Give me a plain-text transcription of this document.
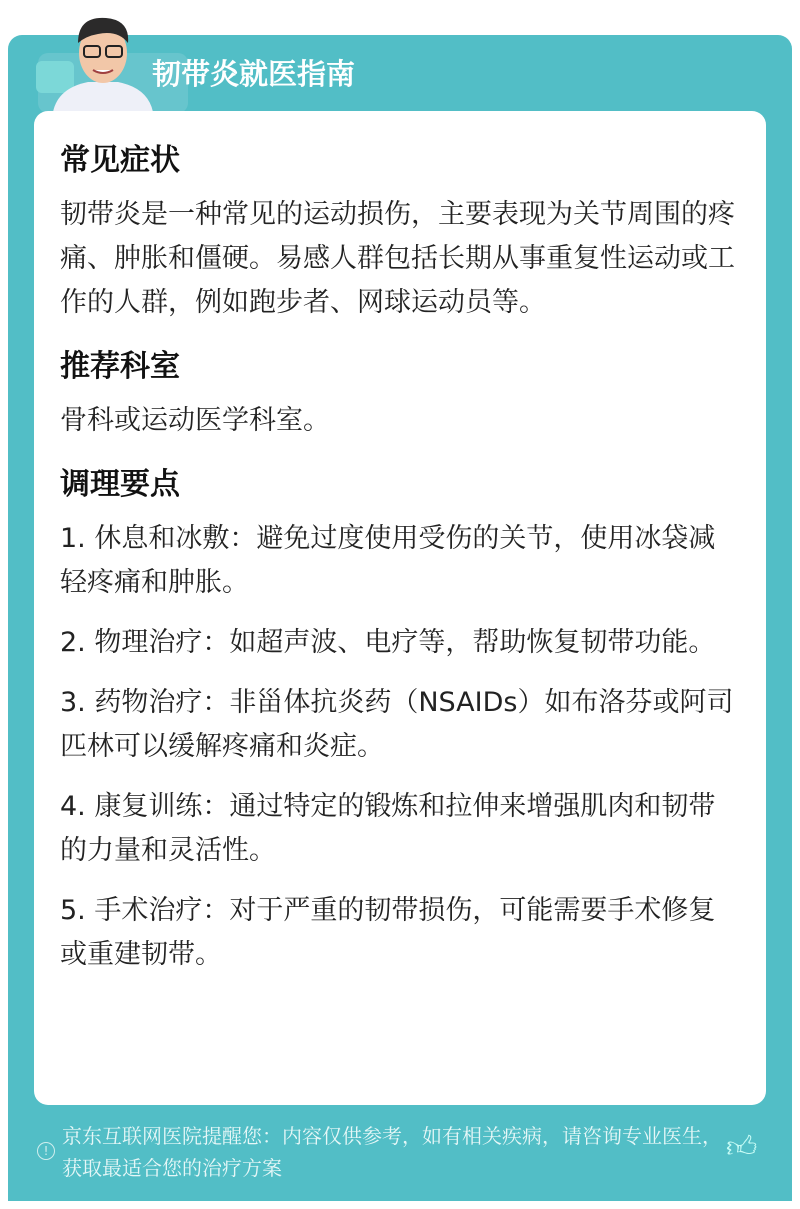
韧带炎就医指南
常见症状

韧带炎是一种常见的运动损伤，主要表现为关节周围的疼痛、肿胀和僵硬。易感人群包括长期从事重复性运动或工作的人群，例如跑步者、网球运动员等。

推荐科室

骨科或运动医学科室。

调理要点

1. 休息和冰敷：避免过度使用受伤的关节，使用冰袋减轻疼痛和肿胀。

2. 物理治疗：如超声波、电疗等，帮助恢复韧带功能。

3. 药物治疗：非甾体抗炎药（NSAIDs）如布洛芬或阿司匹林可以缓解疼痛和炎症。

4. 康复训练：通过特定的锻炼和拉伸来增强肌肉和韧带的力量和灵活性。

5. 手术治疗：对于严重的韧带损伤，可能需要手术修复或重建韧带。

!
京东互联网医院提醒您：内容仅供参考，如有相关疾病，请咨询专业医生，获取最适合您的治疗方案
👍︎
